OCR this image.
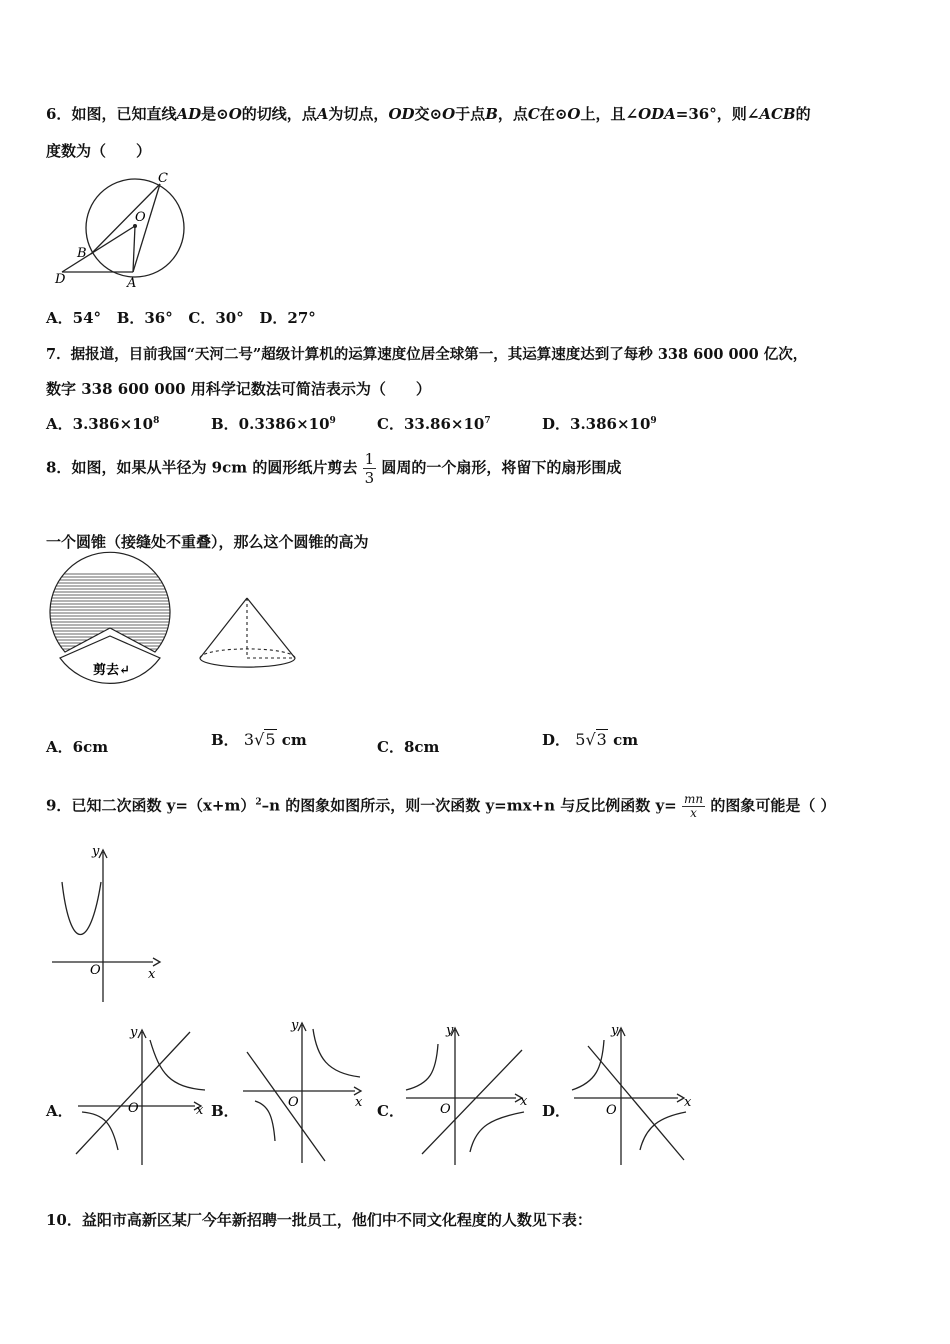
6．如图，已知直线AD是⊙O的切线，点A为切点，OD交⊙O于点B，点C在⊙O上，且∠ODA=36°，则∠ACB的
度数为（　　）
C
O
B
D	A
A．54° B．36° C．30° D．27°
7．据报道，目前我国“天河二号”超级计算机的运算速度位居全球第一，其运算速度达到了每秒 338 600 000 亿次，
数字 338 600 000 用科学记数法可简洁表示为（　　）
A．$3.386\times 10^8$	B．$0.3386\times 10^9$	C．$33.86\times 10^7$	D．$3.386\times 10^9$
8．如图，如果从半径为 9cm 的圆形纸片剪去 $\frac{1}{3}$ 圆周的一个扇形，将留下的扇形围成
一个圆锥（接缝处不重叠），那么这个圆锥的高为
剪去↵
A．6cm	B． 3√5 cm	C．8cm	D． 5√3 cm
9．已知二次函数 $y=(x+m)^2-n$ 的图象如图所示，则一次函数 y=mx+n 与反比例函数 $y= \frac{mn}{x}$ 的图象可能是（ ）
y
x
O
A．
y
x
O	B．
y
x
O	C．
y
x
O	D．
y
x
O
10．益阳市高新区某厂今年新招聘一批员工，他们中不同文化程度的人数见下表：
